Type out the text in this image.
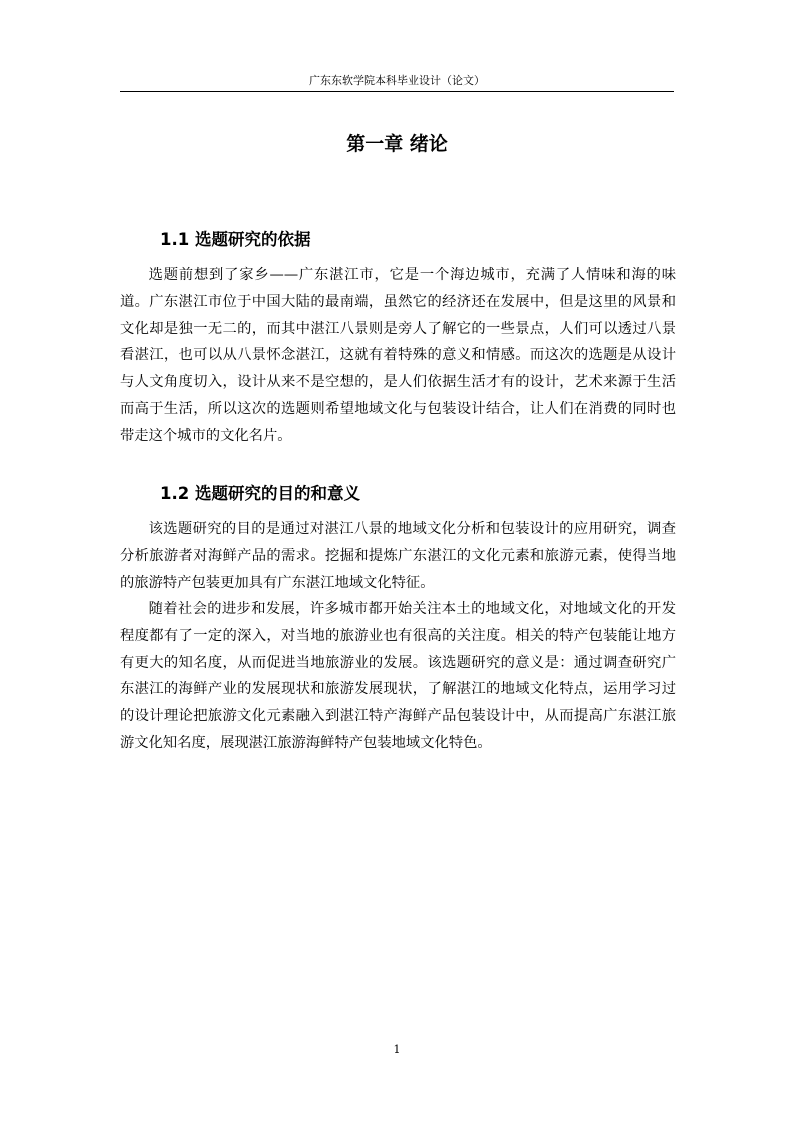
广东东软学院本科毕业设计（论文）
第一章 绪论
1.1 选题研究的依据

选题前想到了家乡——广东湛江市，它是一个海边城市，充满了人情味和海的味道。广东湛江市位于中国大陆的最南端，虽然它的经济还在发展中，但是这里的风景和文化却是独一无二的，而其中湛江八景则是旁人了解它的一些景点，人们可以透过八景看湛江，也可以从八景怀念湛江，这就有着特殊的意义和情感。而这次的选题是从设计与人文角度切入，设计从来不是空想的，是人们依据生活才有的设计，艺术来源于生活而高于生活，所以这次的选题则希望地域文化与包装设计结合，让人们在消费的同时也带走这个城市的文化名片。

1.2 选题研究的目的和意义

该选题研究的目的是通过对湛江八景的地域文化分析和包装设计的应用研究，调查分析旅游者对海鲜产品的需求。挖掘和提炼广东湛江的文化元素和旅游元素，使得当地的旅游特产包装更加具有广东湛江地域文化特征。

随着社会的进步和发展，许多城市都开始关注本土的地域文化，对地域文化的开发程度都有了一定的深入，对当地的旅游业也有很高的关注度。相关的特产包装能让地方有更大的知名度，从而促进当地旅游业的发展。该选题研究的意义是：通过调查研究广东湛江的海鲜产业的发展现状和旅游发展现状，了解湛江的地域文化特点，运用学习过的设计理论把旅游文化元素融入到湛江特产海鲜产品包装设计中，从而提高广东湛江旅游文化知名度，展现湛江旅游海鲜特产包装地域文化特色。

1
